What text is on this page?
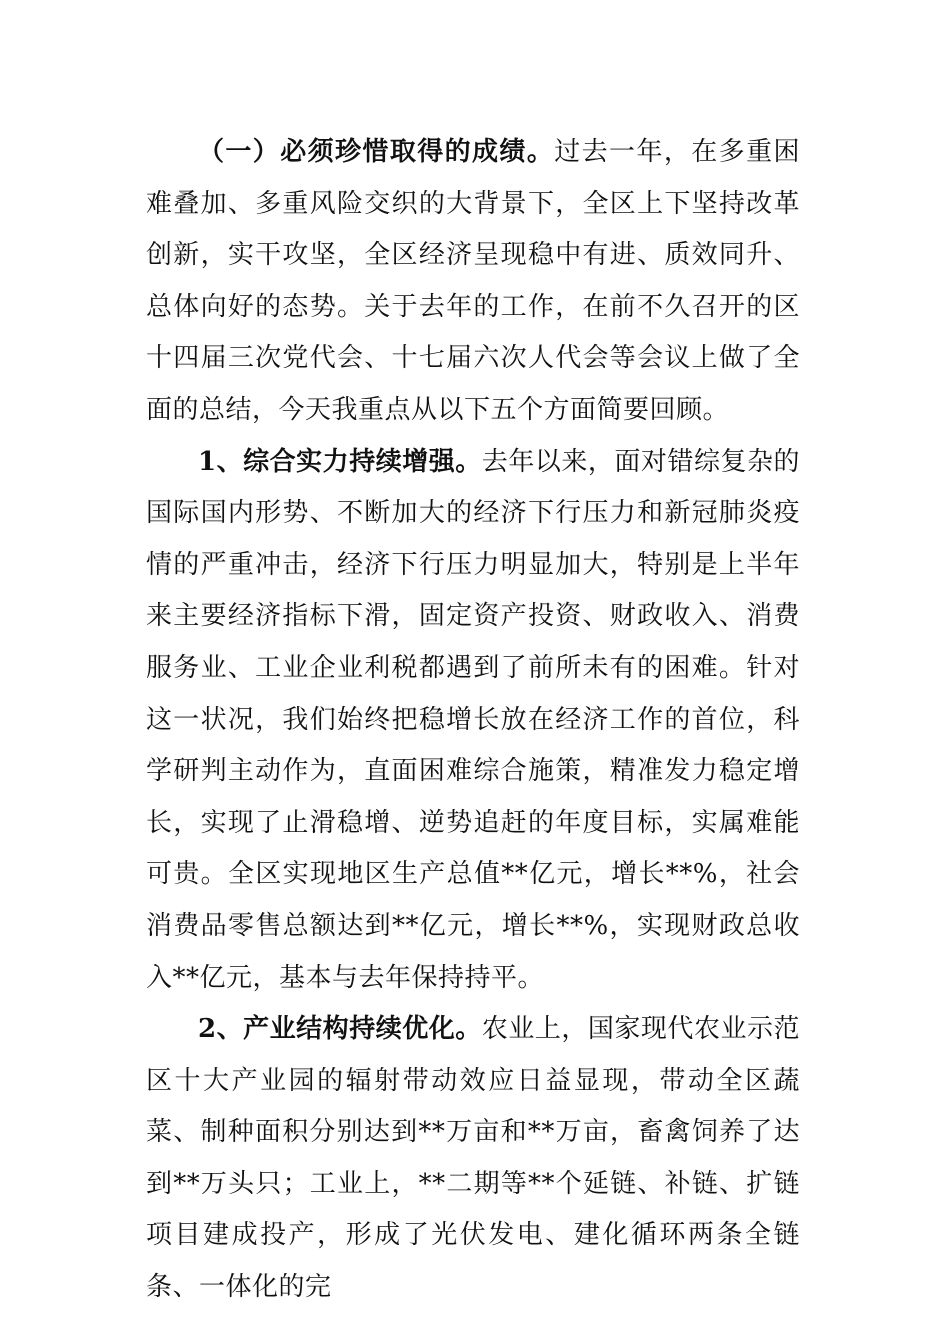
（一）必须珍惜取得的成绩。过去一年，在多重困难叠加、多重风险交织的大背景下，全区上下坚持改革创新，实干攻坚，全区经济呈现稳中有进、质效同升、总体向好的态势。关于去年的工作，在前不久召开的区十四届三次党代会、十七届六次人代会等会议上做了全面的总结，今天我重点从以下五个方面简要回顾。

1、综合实力持续增强。去年以来，面对错综复杂的国际国内形势、不断加大的经济下行压力和新冠肺炎疫情的严重冲击，经济下行压力明显加大，特别是上半年来主要经济指标下滑，固定资产投资、财政收入、消费服务业、工业企业利税都遇到了前所未有的困难。针对这一状况，我们始终把稳增长放在经济工作的首位，科学研判主动作为，直面困难综合施策，精准发力稳定增长，实现了止滑稳增、逆势追赶的年度目标，实属难能可贵。全区实现地区生产总值**亿元，增长**%，社会消费品零售总额达到**亿元，增长**%，实现财政总收入**亿元，基本与去年保持持平。

2、产业结构持续优化。农业上，国家现代农业示范区十大产业园的辐射带动效应日益显现，带动全区蔬菜、制种面积分别达到**万亩和**万亩，畜禽饲养了达到**万头只；工业上，**二期等**个延链、补链、扩链项目建成投产，形成了光伏发电、建化循环两条全链条、一体化的完
